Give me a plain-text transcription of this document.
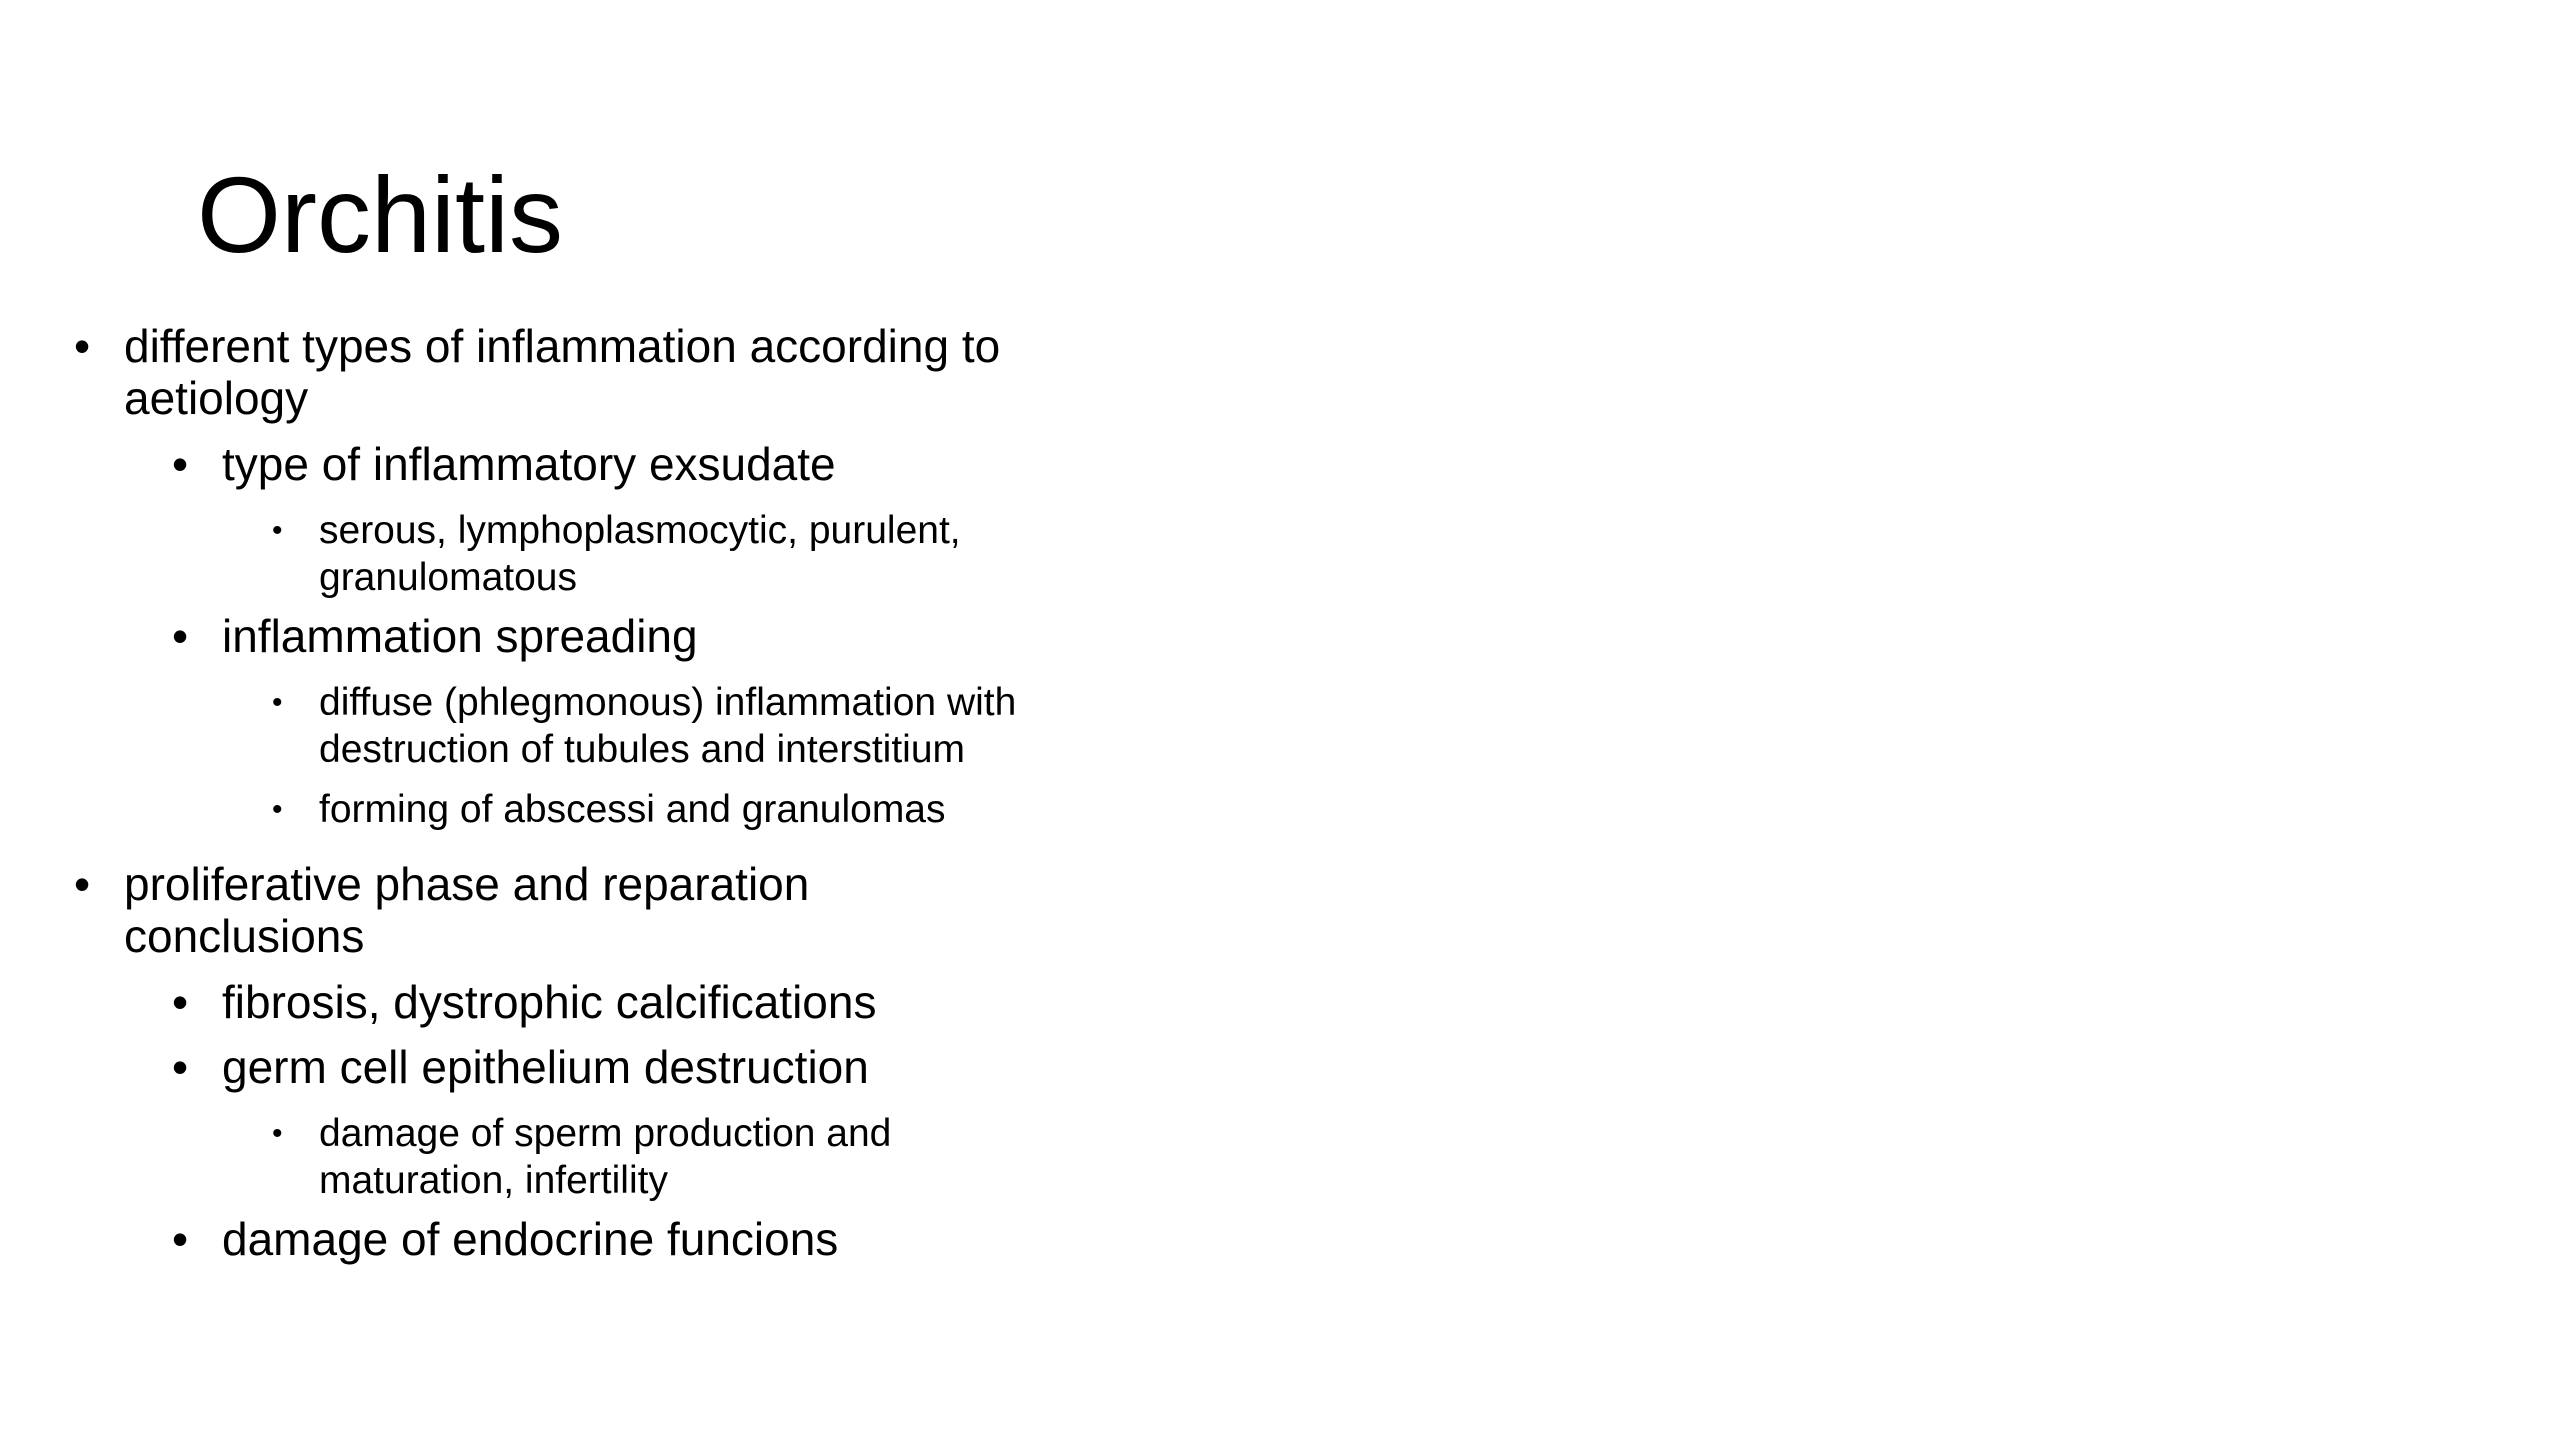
Orchitis
• different types of inflammation according to
aetiology
• type of inflammatory exsudate
• serous, lymphoplasmocytic, purulent,
granulomatous
• inflammation spreading
• diffuse (phlegmonous) inflammation with
destruction of tubules and interstitium
• forming of abscessi and granulomas
• proliferative phase and reparation
conclusions
• fibrosis, dystrophic calcifications
• germ cell epithelium destruction
• damage of sperm production and
maturation, infertility
• damage of endocrine funcions
